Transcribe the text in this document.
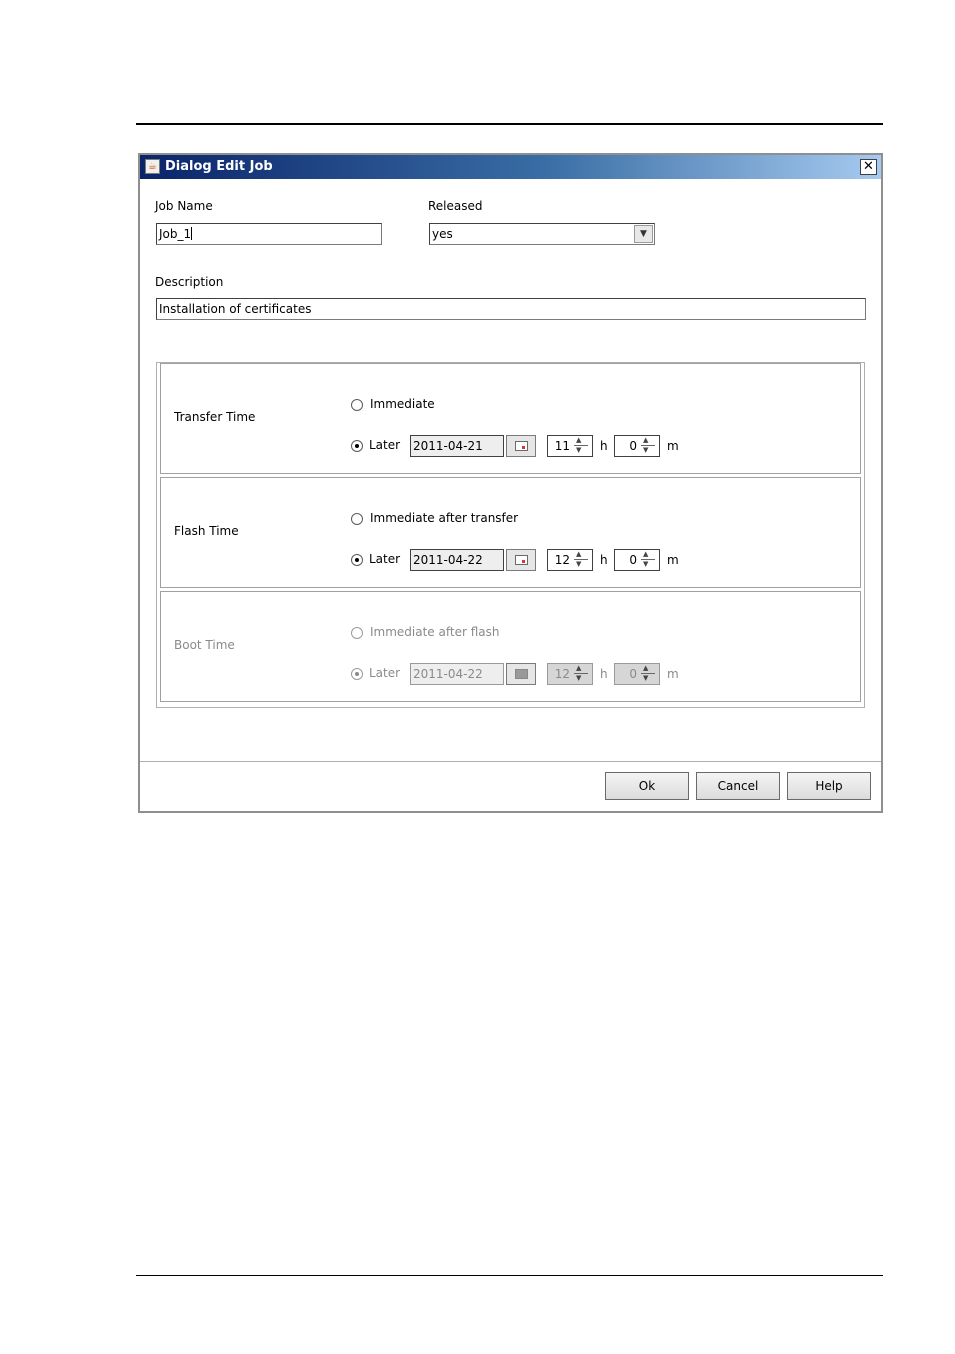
☕ Dialog Edit Job	✕
Job Name
Job_1
Released
yes	▼
Description
Installation of certificates
Transfer Time
Immediate
Later 2011-04-21	11 ▲
▼	h 0 ▲
▼	m
Flash Time
Immediate after transfer
Later 2011-04-22	12 ▲
▼	h 0 ▲
▼	m
Boot Time
Immediate after flash
Later 2011-04-22	12 ▲
▼	h 0 ▲
▼	m
Ok	Cancel	Help
